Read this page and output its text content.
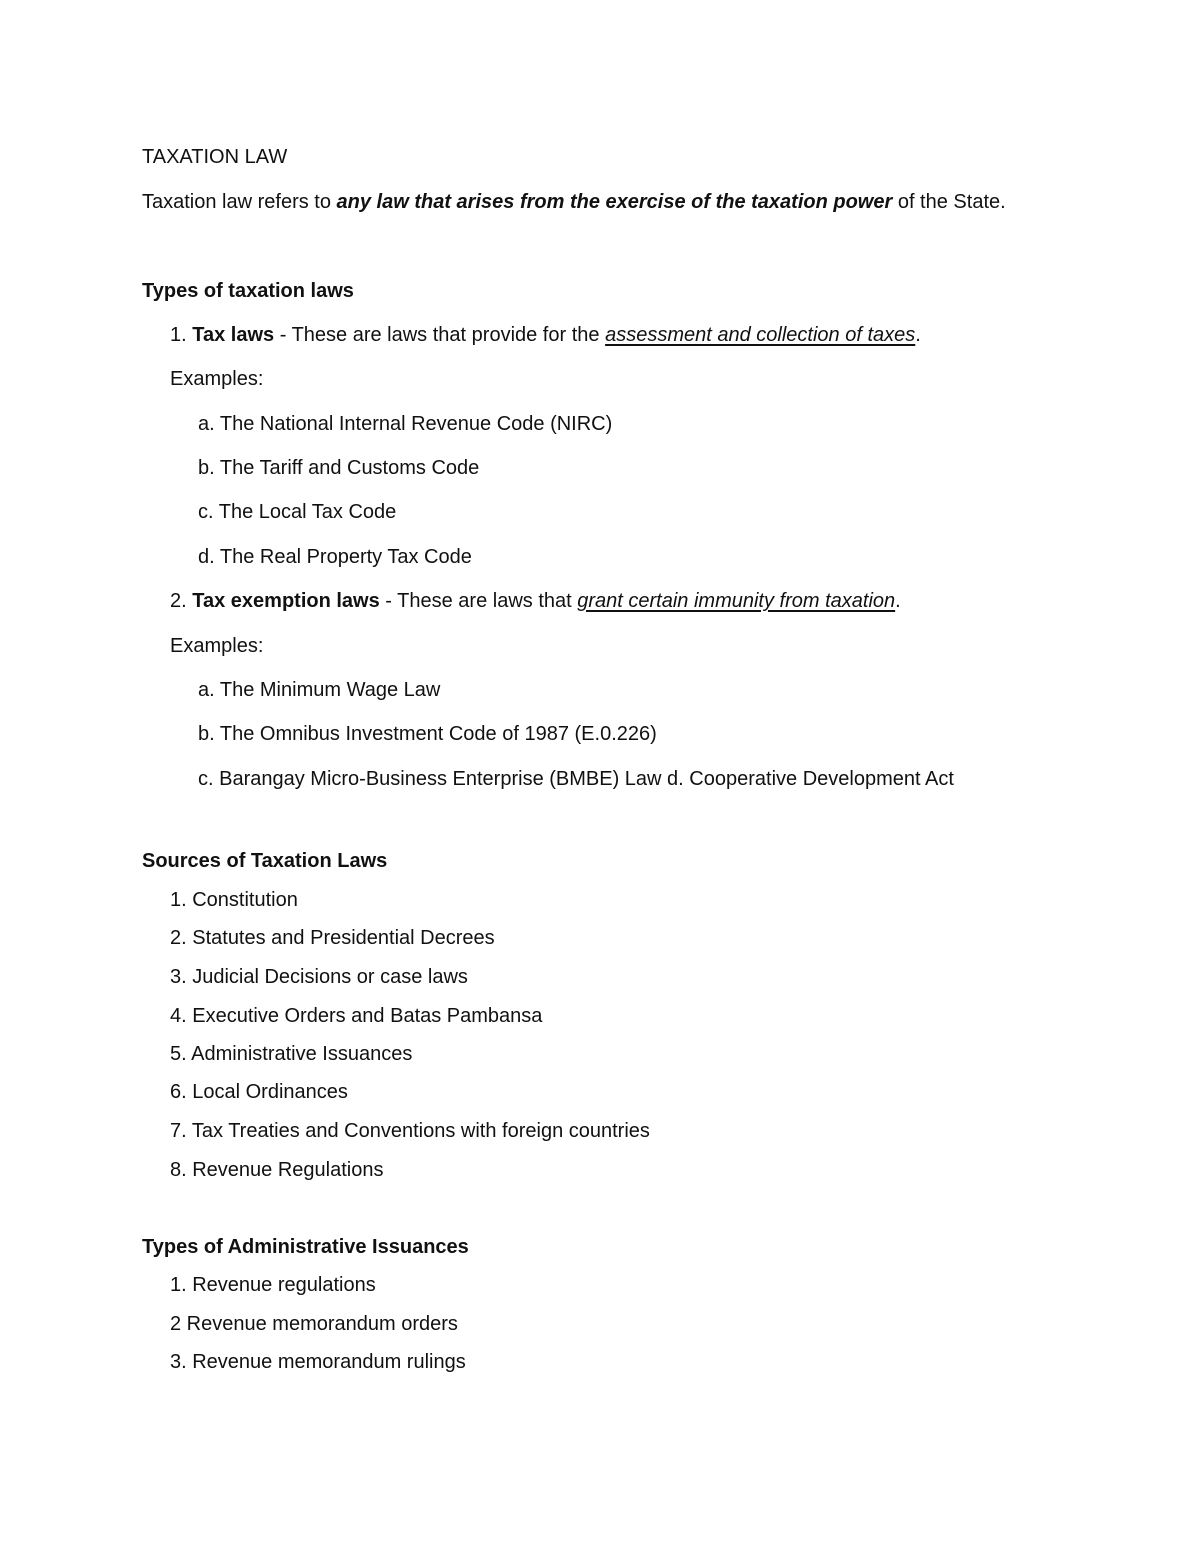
TAXATION LAW
Taxation law refers to any law that arises from the exercise of the taxation power of the State.
Types of taxation laws
1. Tax laws - These are laws that provide for the assessment and collection of taxes.
Examples:
a. The National Internal Revenue Code (NIRC)
b. The Tariff and Customs Code
c. The Local Tax Code
d. The Real Property Tax Code
2. Tax exemption laws - These are laws that grant certain immunity from taxation.
Examples:
a. The Minimum Wage Law
b. The Omnibus Investment Code of 1987 (E.0.226)
c. Barangay Micro-Business Enterprise (BMBE) Law d. Cooperative Development Act
Sources of Taxation Laws
1. Constitution
2. Statutes and Presidential Decrees
3. Judicial Decisions or case laws
4. Executive Orders and Batas Pambansa
5. Administrative Issuances
6. Local Ordinances
7. Tax Treaties and Conventions with foreign countries
8. Revenue Regulations
Types of Administrative Issuances
1. Revenue regulations
2 Revenue memorandum orders
3. Revenue memorandum rulings
